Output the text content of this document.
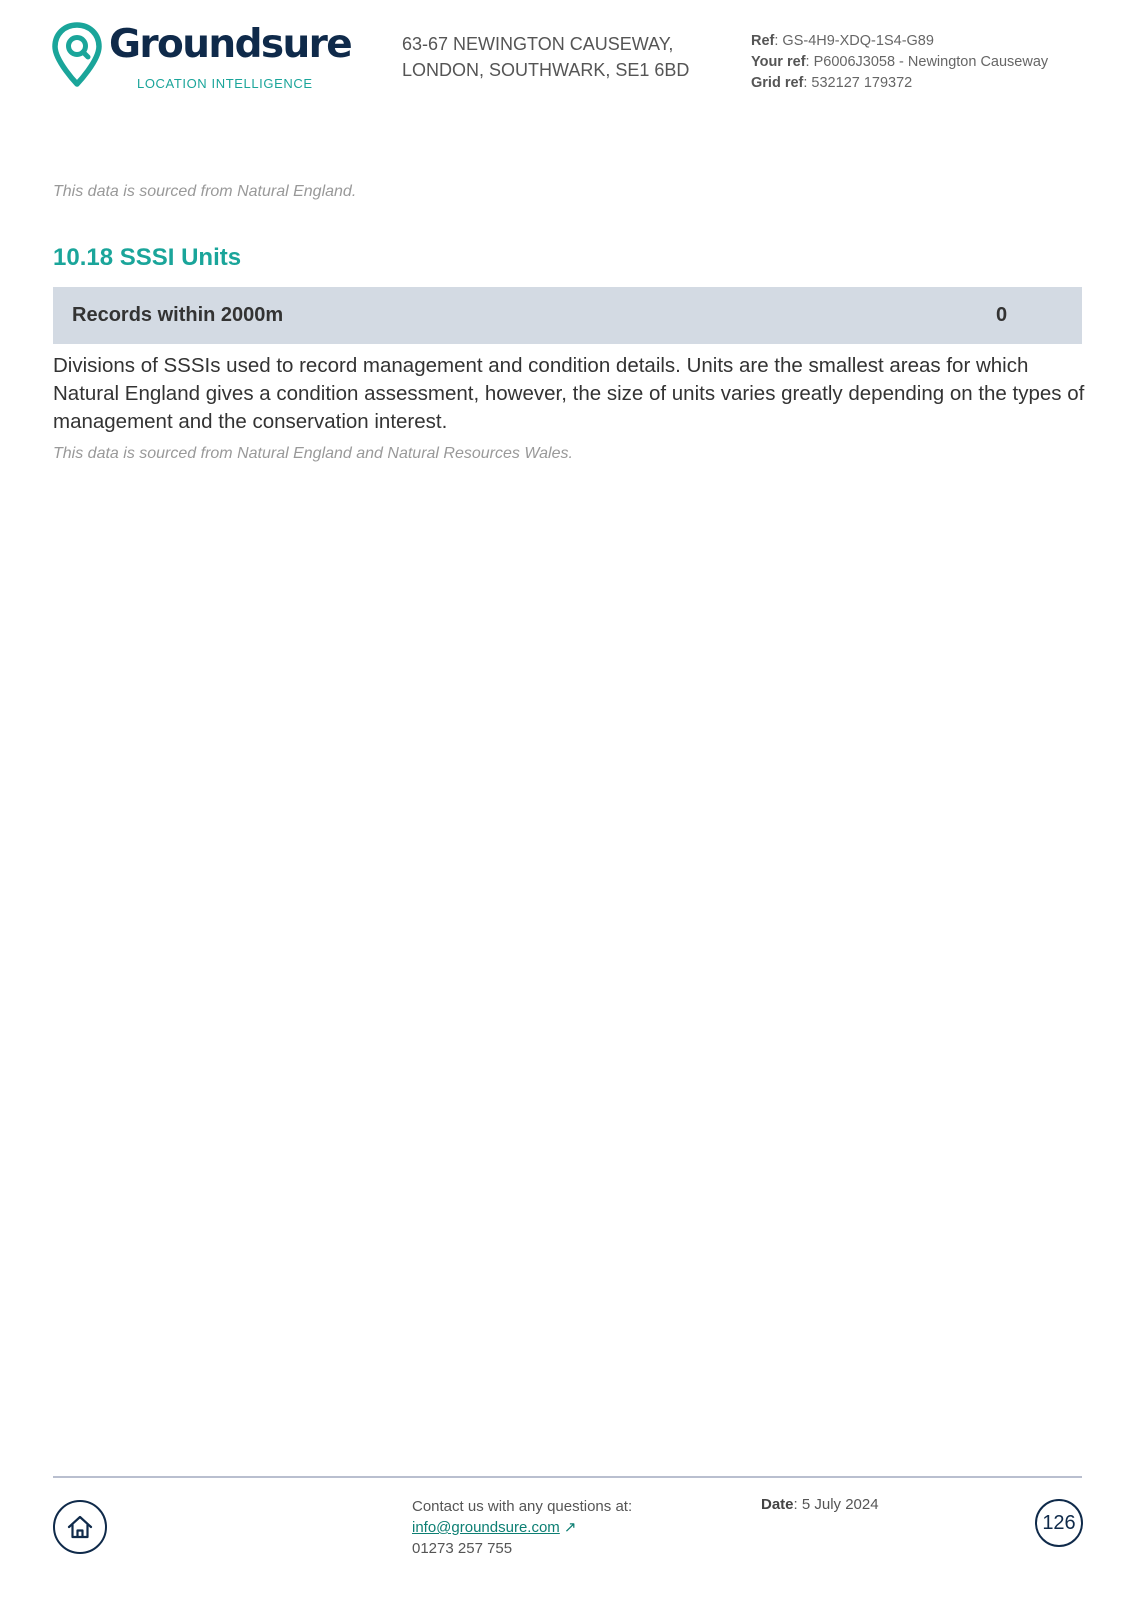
Groundsure
LOCATION INTELLIGENCE
63-67 NEWINGTON CAUSEWAY,
LONDON, SOUTHWARK, SE1 6BD
Ref: GS-4H9-XDQ-1S4-G89
Your ref: P6006J3058 - Newington Causeway
Grid ref: 532127 179372
This data is sourced from Natural England.
10.18 SSSI Units
Records within 2000m	0
Divisions of SSSIs used to record management and condition details. Units are the smallest areas for which Natural England gives a condition assessment, however, the size of units varies greatly depending on the types of management and the conservation interest.
This data is sourced from Natural England and Natural Resources Wales.
Contact us with any questions at:
info@groundsure.com ↗
01273 257 755
Date: 5 July 2024
126
